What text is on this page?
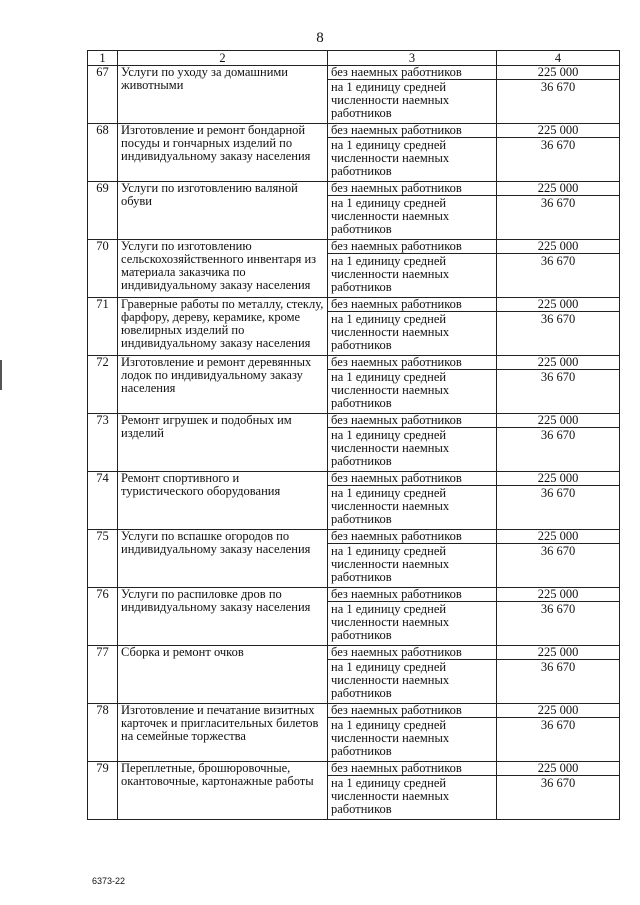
8
1	2	3	4
67	Услуги по уходу за домашними животными	без наемных работников	225 000
		на 1 единицу средней численности наемных работников	36 670
68	Изготовление и ремонт бондарной посуды и гончарных изделий по индивидуальному заказу населения	без наемных работников	225 000
		на 1 единицу средней численности наемных работников	36 670
69	Услуги по изготовлению валяной обуви	без наемных работников	225 000
		на 1 единицу средней численности наемных работников	36 670
70	Услуги по изготовлению сельскохозяйственного инвентаря из материала заказчика по индивидуальному заказу населения	без наемных работников	225 000
		на 1 единицу средней численности наемных работников	36 670
71	Граверные работы по металлу, стеклу, фарфору, дереву, керамике, кроме ювелирных изделий по индивидуальному заказу населения	без наемных работников	225 000
		на 1 единицу средней численности наемных работников	36 670
72	Изготовление и ремонт деревянных лодок по индивидуальному заказу населения	без наемных работников	225 000
		на 1 единицу средней численности наемных работников	36 670
73	Ремонт игрушек и подобных им изделий	без наемных работников	225 000
		на 1 единицу средней численности наемных работников	36 670
74	Ремонт спортивного и туристического оборудования	без наемных работников	225 000
		на 1 единицу средней численности наемных работников	36 670
75	Услуги по вспашке огородов по индивидуальному заказу населения	без наемных работников	225 000
		на 1 единицу средней численности наемных работников	36 670
76	Услуги по распиловке дров по индивидуальному заказу населения	без наемных работников	225 000
		на 1 единицу средней численности наемных работников	36 670
77	Сборка и ремонт очков	без наемных работников	225 000
		на 1 единицу средней численности наемных работников	36 670
78	Изготовление и печатание визитных карточек и пригласительных билетов на семейные торжества	без наемных работников	225 000
		на 1 единицу средней численности наемных работников	36 670
79	Переплетные, брошюровочные, окантовочные, картонажные работы	без наемных работников	225 000
		на 1 единицу средней численности наемных работников	36 670
6373-22
